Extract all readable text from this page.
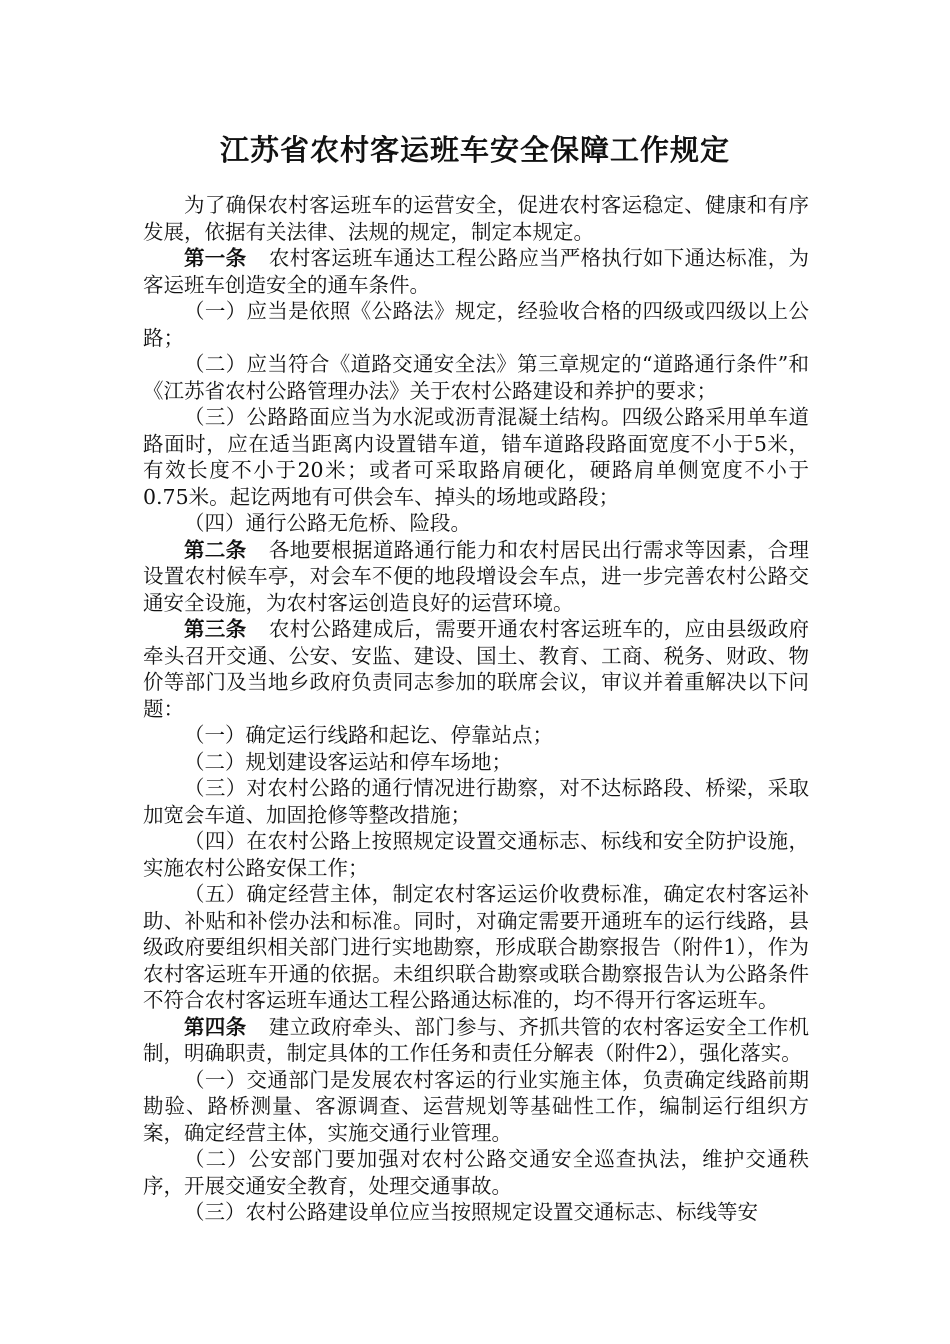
江苏省农村客运班车安全保障工作规定

为了确保农村客运班车的运营安全，促进农村客运稳定、健康和有序发展，依据有关法律、法规的规定，制定本规定。

第一条 农村客运班车通达工程公路应当严格执行如下通达标准，为客运班车创造安全的通车条件。

（一）应当是依照《公路法》规定，经验收合格的四级或四级以上公路；

（二）应当符合《道路交通安全法》第三章规定的“道路通行条件”和《江苏省农村公路管理办法》关于农村公路建设和养护的要求；

（三）公路路面应当为水泥或沥青混凝土结构。四级公路采用单车道路面时，应在适当距离内设置错车道，错车道路段路面宽度不小于5米，有效长度不小于20米；或者可采取路肩硬化，硬路肩单侧宽度不小于0.75米。起讫两地有可供会车、掉头的场地或路段；

（四）通行公路无危桥、险段。

第二条 各地要根据道路通行能力和农村居民出行需求等因素，合理设置农村候车亭，对会车不便的地段增设会车点，进一步完善农村公路交通安全设施，为农村客运创造良好的运营环境。

第三条 农村公路建成后，需要开通农村客运班车的，应由县级政府牵头召开交通、公安、安监、建设、国土、教育、工商、税务、财政、物价等部门及当地乡政府负责同志参加的联席会议，审议并着重解决以下问题：

（一）确定运行线路和起讫、停靠站点；

（二）规划建设客运站和停车场地；

（三）对农村公路的通行情况进行勘察，对不达标路段、桥梁，采取加宽会车道、加固抢修等整改措施；

（四）在农村公路上按照规定设置交通标志、标线和安全防护设施，实施农村公路安保工作；

（五）确定经营主体，制定农村客运运价收费标准，确定农村客运补助、补贴和补偿办法和标准。同时，对确定需要开通班车的运行线路，县级政府要组织相关部门进行实地勘察，形成联合勘察报告（附件1），作为农村客运班车开通的依据。未组织联合勘察或联合勘察报告认为公路条件不符合农村客运班车通达工程公路通达标准的，均不得开行客运班车。

第四条 建立政府牵头、部门参与、齐抓共管的农村客运安全工作机制，明确职责，制定具体的工作任务和责任分解表（附件2），强化落实。

（一）交通部门是发展农村客运的行业实施主体，负责确定线路前期勘验、路桥测量、客源调查、运营规划等基础性工作，编制运行组织方案，确定经营主体，实施交通行业管理。

（二）公安部门要加强对农村公路交通安全巡查执法，维护交通秩序，开展交通安全教育，处理交通事故。

（三）农村公路建设单位应当按照规定设置交通标志、标线等安
